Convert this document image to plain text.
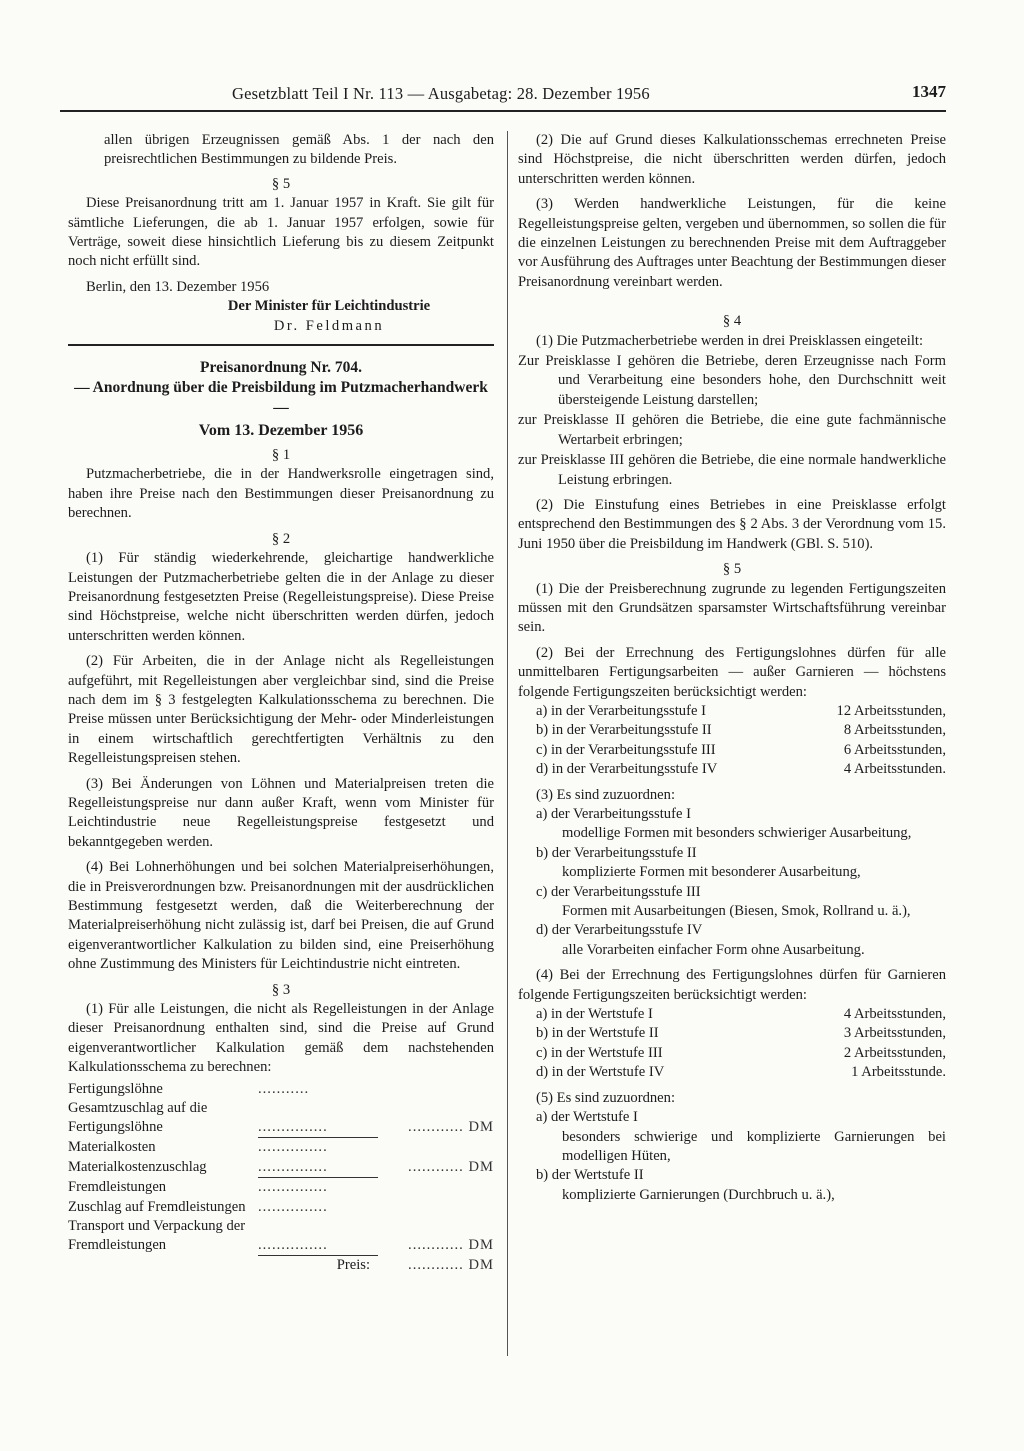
Gesetzblatt Teil I Nr. 113 — Ausgabetag: 28. Dezember 1956	1347

allen übrigen Erzeugnissen gemäß Abs. 1 der nach den preisrechtlichen Bestimmungen zu bildende Preis.

§ 5

Diese Preisanordnung tritt am 1. Januar 1957 in Kraft. Sie gilt für sämtliche Lieferungen, die ab 1. Januar 1957 erfolgen, sowie für Verträge, soweit diese hinsichtlich Lieferung bis zu diesem Zeitpunkt noch nicht erfüllt sind.

Berlin, den 13. Dezember 1956

Der Minister für Leichtindustrie

Dr. Feldmann

Preisanordnung Nr. 704.

— Anordnung über die Preisbildung im Putzmacherhandwerk —

Vom 13. Dezember 1956

§ 1

Putzmacherbetriebe, die in der Handwerksrolle eingetragen sind, haben ihre Preise nach den Bestimmungen dieser Preisanordnung zu berechnen.

§ 2

(1) Für ständig wiederkehrende, gleichartige handwerkliche Leistungen der Putzmacherbetriebe gelten die in der Anlage zu dieser Preisanordnung festgesetzten Preise (Regelleistungspreise). Diese Preise sind Höchstpreise, welche nicht überschritten werden dürfen, jedoch unterschritten werden können.

(2) Für Arbeiten, die in der Anlage nicht als Regelleistungen aufgeführt, mit Regelleistungen aber vergleichbar sind, sind die Preise nach dem im § 3 festgelegten Kalkulationsschema zu berechnen. Die Preise müssen unter Berücksichtigung der Mehr- oder Minderleistungen in einem wirtschaftlich gerechtfertigten Verhältnis zu den Regelleistungspreisen stehen.

(3) Bei Änderungen von Löhnen und Materialpreisen treten die Regelleistungspreise nur dann außer Kraft, wenn vom Minister für Leichtindustrie neue Regelleistungspreise festgesetzt und bekanntgegeben werden.

(4) Bei Lohnerhöhungen und bei solchen Materialpreiserhöhungen, die in Preisverordnungen bzw. Preisanordnungen mit der ausdrücklichen Bestimmung festgesetzt werden, daß die Weiterberechnung der Materialpreiserhöhung nicht zulässig ist, darf bei Preisen, die auf Grund eigenverantwortlicher Kalkulation zu bilden sind, eine Preiserhöhung ohne Zustimmung des Ministers für Leichtindustrie nicht eintreten.

§ 3

(1) Für alle Leistungen, die nicht als Regelleistungen in der Anlage dieser Preisanordnung enthalten sind, sind die Preise auf Grund eigenverantwortlicher Kalkulation gemäß dem nachstehenden Kalkulationsschema zu berechnen:

Fertigungslöhne	...........	
Gesamtzuschlag auf die Fertigungslöhne	...............	............ DM
Materialkosten	...............	
Materialkostenzuschlag	...............	............ DM
Fremdleistungen	...............	
Zuschlag auf Fremdleistungen	...............	
Transport und Verpackung der Fremdleistungen	...............	............ DM
	Preis:	............ DM

(2) Die auf Grund dieses Kalkulationsschemas errechneten Preise sind Höchstpreise, die nicht überschritten werden dürfen, jedoch unterschritten werden können.

(3) Werden handwerkliche Leistungen, für die keine Regelleistungspreise gelten, vergeben und übernommen, so sollen die für die einzelnen Leistungen zu berechnenden Preise mit dem Auftraggeber vor Ausführung des Auftrages unter Beachtung der Bestimmungen dieser Preisanordnung vereinbart werden.

§ 4

(1) Die Putzmacherbetriebe werden in drei Preisklassen eingeteilt:

Zur Preisklasse I gehören die Betriebe, deren Erzeugnisse nach Form und Verarbeitung eine besonders hohe, den Durchschnitt weit übersteigende Leistung darstellen;

zur Preisklasse II gehören die Betriebe, die eine gute fachmännische Wertarbeit erbringen;

zur Preisklasse III gehören die Betriebe, die eine normale handwerkliche Leistung erbringen.

(2) Die Einstufung eines Betriebes in eine Preisklasse erfolgt entsprechend den Bestimmungen des § 2 Abs. 3 der Verordnung vom 15. Juni 1950 über die Preisbildung im Handwerk (GBl. S. 510).

§ 5

(1) Die der Preisberechnung zugrunde zu legenden Fertigungszeiten müssen mit den Grundsätzen sparsamster Wirtschaftsführung vereinbar sein.

(2) Bei der Errechnung des Fertigungslohnes dürfen für alle unmittelbaren Fertigungsarbeiten — außer Garnieren — höchstens folgende Fertigungszeiten berücksichtigt werden:

a) in der Verarbeitungsstufe I	12 Arbeitsstunden,
b) in der Verarbeitungsstufe II	8 Arbeitsstunden,
c) in der Verarbeitungsstufe III	6 Arbeitsstunden,
d) in der Verarbeitungsstufe IV	4 Arbeitsstunden.

(3) Es sind zuzuordnen:

a) der Verarbeitungsstufe I

modellige Formen mit besonders schwieriger Ausarbeitung,

b) der Verarbeitungsstufe II

komplizierte Formen mit besonderer Ausarbeitung,

c) der Verarbeitungsstufe III

Formen mit Ausarbeitungen (Biesen, Smok, Rollrand u. ä.),

d) der Verarbeitungsstufe IV

alle Vorarbeiten einfacher Form ohne Ausarbeitung.

(4) Bei der Errechnung des Fertigungslohnes dürfen für Garnieren folgende Fertigungszeiten berücksichtigt werden:

a) in der Wertstufe I	4 Arbeitsstunden,
b) in der Wertstufe II	3 Arbeitsstunden,
c) in der Wertstufe III	2 Arbeitsstunden,
d) in der Wertstufe IV	1 Arbeitsstunde.

(5) Es sind zuzuordnen:

a) der Wertstufe I

besonders schwierige und komplizierte Garnierungen bei modelligen Hüten,

b) der Wertstufe II

komplizierte Garnierungen (Durchbruch u. ä.),
